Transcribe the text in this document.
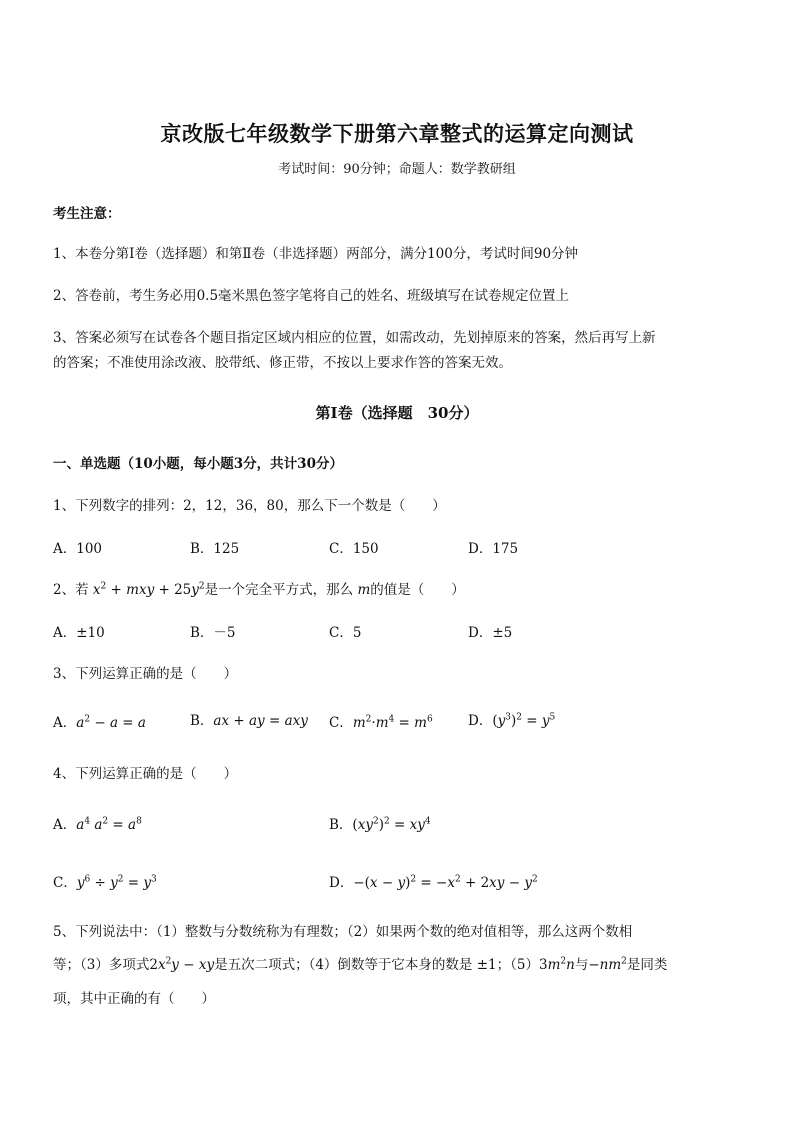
京改版七年级数学下册第六章整式的运算定向测试
考试时间：90分钟；命题人：数学教研组
考生注意：
1、本卷分第Ⅰ卷（选择题）和第Ⅱ卷（非选择题）两部分，满分100分，考试时间90分钟
2、答卷前，考生务必用0.5毫米黑色签字笔将自己的姓名、班级填写在试卷规定位置上
3、答案必须写在试卷各个题目指定区域内相应的位置，如需改动，先划掉原来的答案，然后再写上新
的答案；不准使用涂改液、胶带纸、修正带，不按以上要求作答的答案无效。
第Ⅰ卷（选择题　30分）
一、单选题（10小题，每小题3分，共计30分）
1、下列数字的排列：2，12，36，80，那么下一个数是（　　）
A．100	B．125	C．150	D．175
2、若 $x^2$ + mxy + $25y^2$是一个完全平方式，那么 m的值是（　　）
A．±10	B．－5	C．5	D．±5
3、下列运算正确的是（　　）
A．$a^2 - a = a$	B．ax + ay = axy C．$m^2\cdot m^4 = m^6$	D．$(y^3)^2 = y^5$
4、下列运算正确的是（　　）
A．$a^4$ $a^2 = a^8$	B．$(xy^2)^2 = xy^4$
C．$y^6 \div y^2 = y^3$	D．$-(x - y)^2 = -x^2 + 2xy - y^2$
5、下列说法中：（1）整数与分数统称为有理数；（2）如果两个数的绝对值相等，那么这两个数相
等；（3）多项式$2x^2y$ − xy是五次二项式；（4）倒数等于它本身的数是 ±1；$(5)3m^2n$与$-nm^2$是同类
项，其中正确的有（　　）
